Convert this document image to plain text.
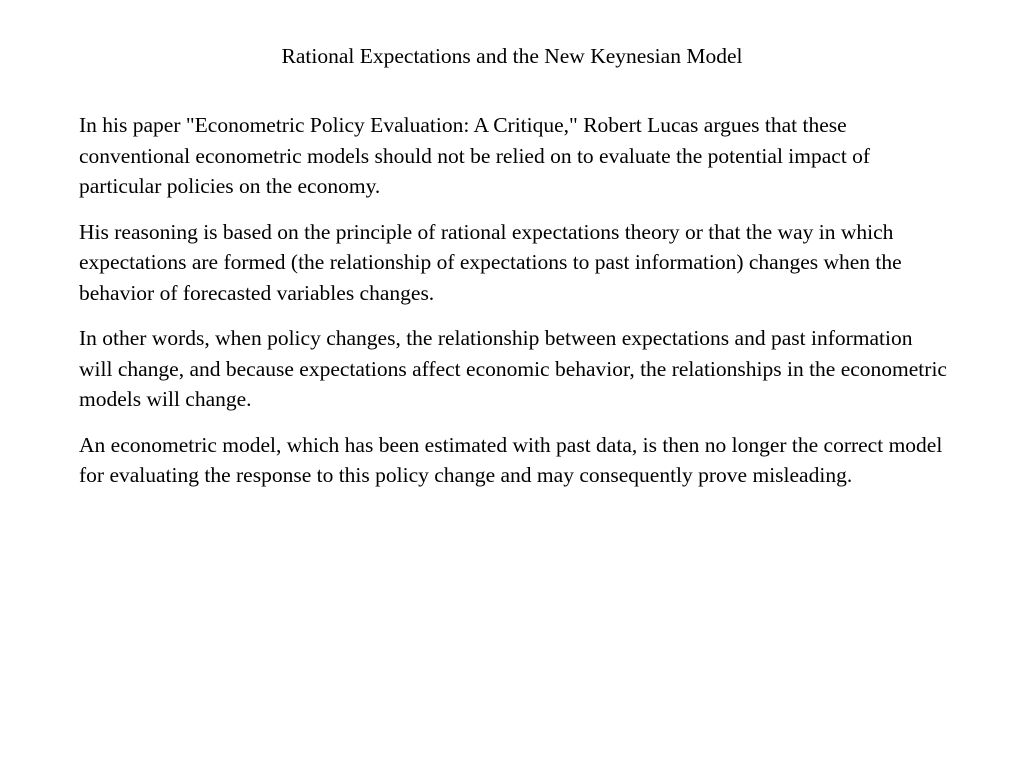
Rational Expectations and the New Keynesian Model

In his paper "Econometric Policy Evaluation: A Critique," Robert Lucas argues that these conventional econometric models should not be relied on to evaluate the potential impact of particular policies on the economy.

His reasoning is based on the principle of rational expectations theory or that the way in which expectations are formed (the relationship of expectations to past information) changes when the behavior of forecasted variables changes.

In other words, when policy changes, the relationship between expectations and past information will change, and because expectations affect economic behavior, the relationships in the econometric models will change.

An econometric model, which has been estimated with past data, is then no longer the correct model for evaluating the response to this policy change and may consequently prove misleading.
